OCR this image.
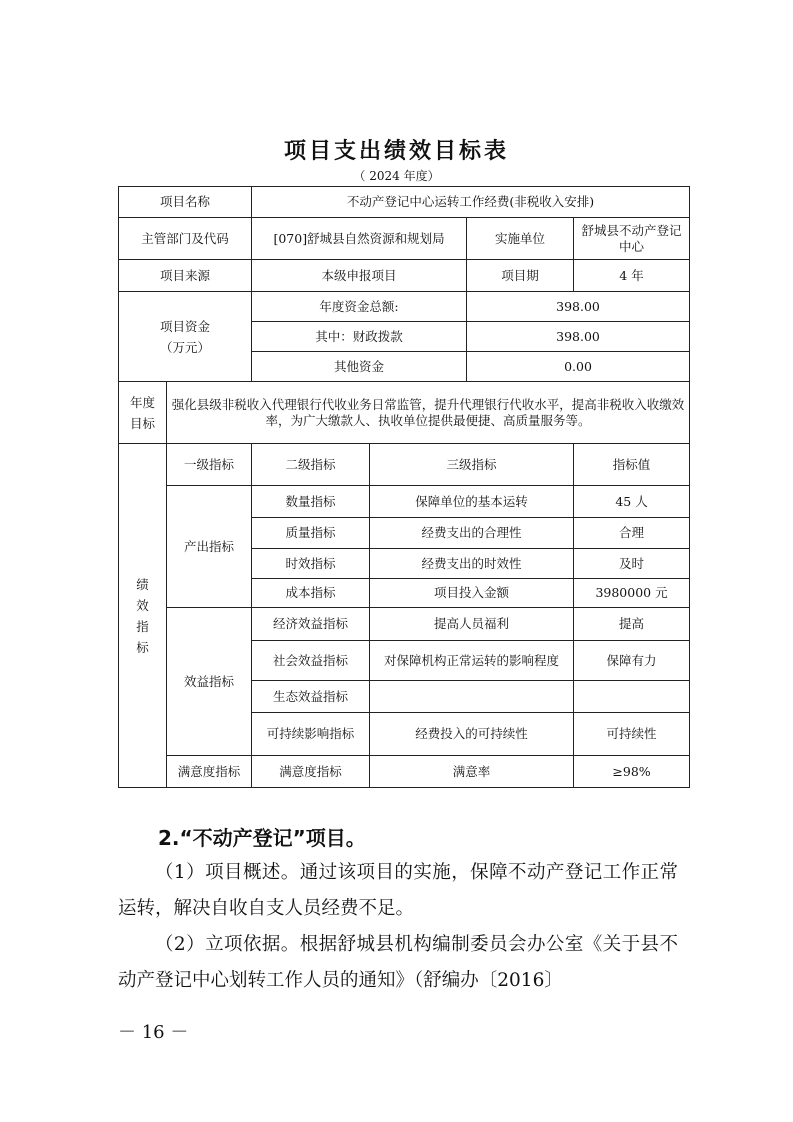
项目支出绩效目标表
（ 2024 年度）
项目名称		不动产登记中心运转工作经费(非税收入安排)			
主管部门及代码		[070]舒城县自然资源和规划局		实施单位	舒城县不动产登记中心
项目来源		本级申报项目		项目期	4 年

项目资金
（万元）		年度资金总额:		398.00	
		其中：财政拨款		398.00	
		其他资金		0.00	

年度
目标	强化县级非税收入代理银行代收业务日常监管，提升代理银行代收水平，提高非税收入收缴效率，为广大缴款人、执收单位提供最便捷、高质量服务等。				

绩
效
指
标	一级指标	二级指标	三级指标		指标值
	产出指标	数量指标	保障单位的基本运转		45 人
		质量指标	经费支出的合理性		合理
		时效指标	经费支出的时效性		及时
		成本指标	项目投入金额		3980000 元
	效益指标	经济效益指标	提高人员福利		提高
		社会效益指标	对保障机构正常运转的影响程度		保障有力
		生态效益指标			
		可持续影响指标	经费投入的可持续性		可持续性
	满意度指标	满意度指标	满意率		≥98%
2.“不动产登记”项目。
（1）项目概述。通过该项目的实施，保障不动产登记工作正常运转，解决自收自支人员经费不足。
（2）立项依据。根据舒城县机构编制委员会办公室《关于县不动产登记中心划转工作人员的通知》（舒编办〔2016〕
－ 16 －
